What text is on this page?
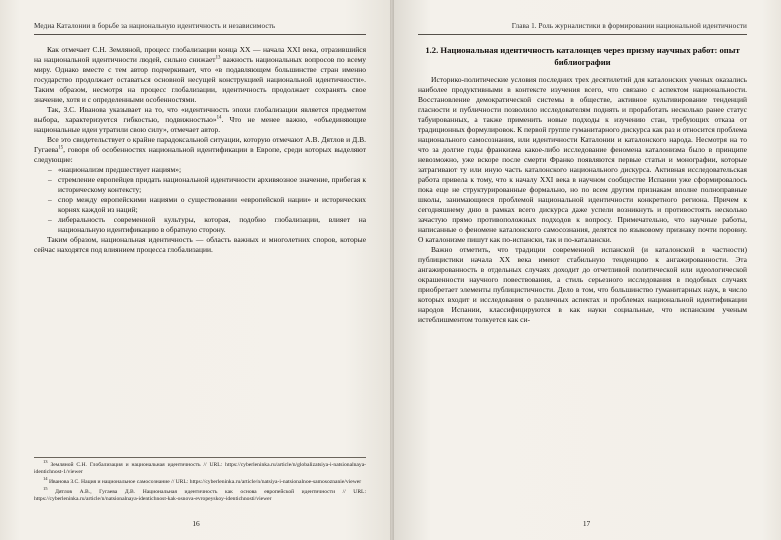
Медиа Каталонии в борьбе за национальную идентичность и независимость

Как отмечает С.Н. Земляной, процесс глобализации конца XX — начала XXI века, отразившийся на национальной идентичности людей, сильно снижает$^{13}$ важность национальных вопросов по всему миру. Однако вместе с тем автор подчеркивает, что «в подавляющем большинстве стран именно государство продолжает оставаться основной несущей конструкцией национальной идентичности». Таким образом, несмотря на процесс глобализации, идентичность продолжает сохранять свое значение, хотя и с определенными особенностями.

Так, З.С. Иванова указывает на то, что «идентичность эпохи глобализации является предметом выбора, характеризуется гибкостью, подвижностью»$^{14}$. Что не менее важно, «объединяющие национальные идеи утратили свою силу», отмечает автор.

Все это свидетельствует о крайне парадоксальной ситуации, которую отмечают А.В. Дятлов и Д.В. Гугаева$^{15}$, говоря об особенностях национальной идентификации в Европе, среди которых выделяют следующие:

– «национализм предшествует нациям»;
– стремление европейцев придать национальной идентичности архивяозное значение, прибегая к историческому контексту;
– спор между европейскими нациями о существовании «европейской нации» и исторических корнях каждой из наций;
– либеральность современной культуры, которая, подобно глобализации, влияет на национальную идентификацию в обратную сторону.

Таким образом, национальная идентичность — область важных и многолетних споров, которые сейчас находятся под влиянием процесса глобализации.

$^{13}$ Земляной С.Н. Глобализация и национальная идентичность // URL: https://cyberleninka.ru/article/n/globalizatsiya-i-natsionalnaya-identichnost-1/viewer
$^{14}$ Иванова З.С. Нация и национальное самосознание // URL: https://cyberleninka.ru/article/n/natsiya-i-natsionalnoe-samosoznanie/viewer
$^{15}$ Дятлов А.В., Гугаева Д.В. Национальная идентичность как основа европейской идентичности // URL: https://cyberleninka.ru/article/n/natsionalnaya-identichnost-kak-osnova-evropeyskoy-identichnosti/viewer
16
Глава 1. Роль журналистики в формировании национальной идентичности
1.2. Национальная идентичность каталонцев через призму научных работ: опыт библиографии

Историко-политические условия последних трех десятилетий для каталонских ученых оказались наиболее продуктивными в контексте изучения всего, что связано с аспектом национальности. Восстановление демократической системы в обществе, активное культивирование тенденций гласности и публичности позволило исследователям поднять и проработать несколько ранее статус табуированных, а также применить новые подходы к изучению стан, требующих отказа от традиционных формулировок. К первой группе гуманитарного дискурса как раз и относится проблема национального самосознания, или идентичности Каталонии и каталонского народа. Несмотря на то что за долгие годы франкизма какое-либо исследование феномена каталонизма было в принципе невозможно, уже вскоре после смерти Франко появляются первые статьи и монографии, которые затрагивают ту или иную часть каталонского национального дискурса. Активная исследовательская работа привела к тому, что к началу XXI века в научном сообществе Испании уже сформировалось пока еще не структурированные формально, но по всем другим признакам вполне полноправные школы, занимающиеся проблемой национальной идентичности конкретного региона. Причем к сегодняшнему дню в рамках всего дискурса даже успели возникнуть и противостоять несколько зачастую прямо противоположных подходов к вопросу. Примечательно, что научные работы, написанные о феномене каталонского самосознания, делятся по языковому признаку почти поровну. О каталонизме пишут как по-испански, так и по-каталански.

Важно отметить, что традиции современной испанской (и каталонской в частности) публицистики начала XX века имеют стабильную тенденцию к ангажированности. Эта ангажированность в отдельных случаях доходит до отчетливой политической или идеологической окрашенности научного повествования, а стиль серьезного исследования в подобных случаях приобретает элементы публицистичности. Дело в том, что большинство гуманитарных наук, в число которых входит и исследования о различных аспектах и проблемах национальной идентификации народов Испании, классифицируются в как науки социальные, что испанским ученым истеблишментом толкуется как си-

17
